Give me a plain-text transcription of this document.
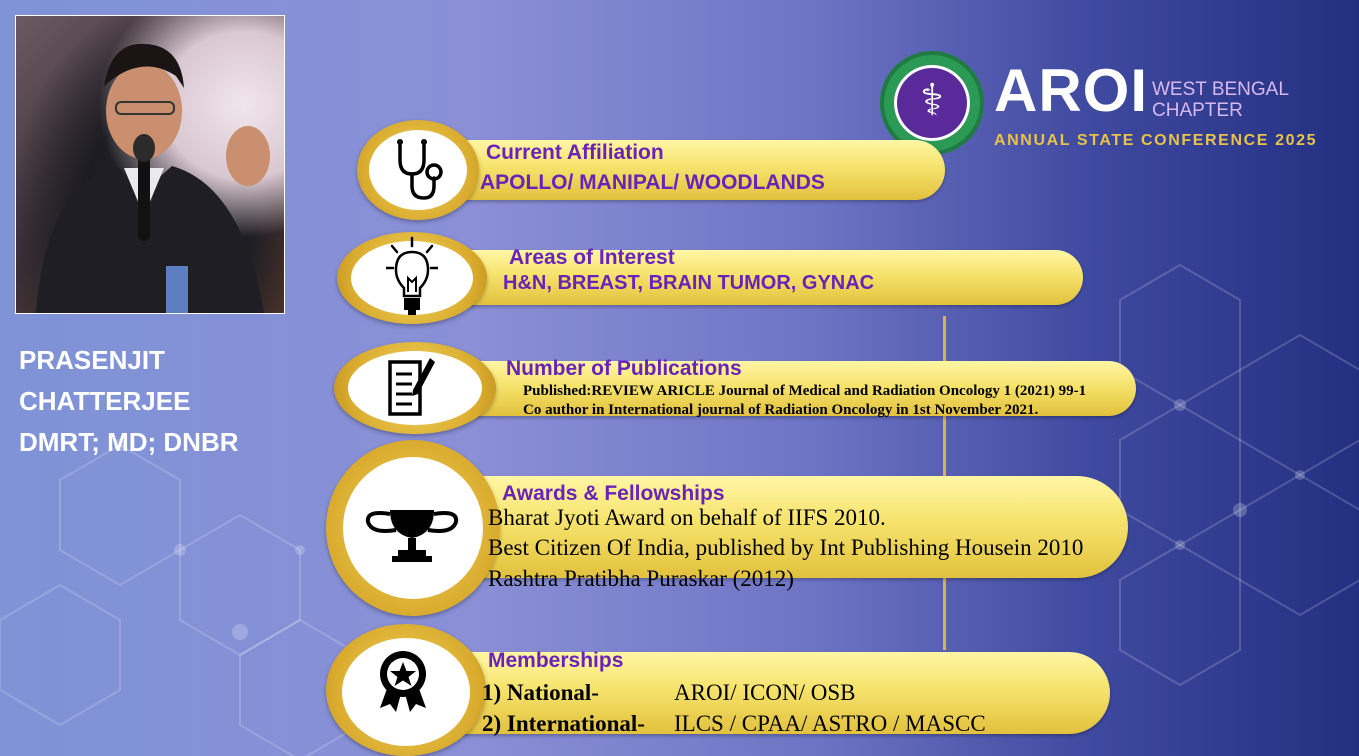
PRASENJIT
CHATTERJEE
DMRT; MD; DNBR
⚕
AROI WEST BENGAL
CHAPTER
ANNUAL STATE CONFERENCE 2025
Current Affiliation
APOLLO/ MANIPAL/ WOODLANDS
Areas of Interest
H&N, BREAST, BRAIN TUMOR, GYNAC
Number of Publications
Published:REVIEW ARICLE Journal of Medical and Radiation Oncology 1 (2021) 99-1
Co author in International journal of Radiation Oncology in 1st November 2021.
Awards & Fellowships
Bharat Jyoti Award on behalf of IIFS 2010.
Best Citizen Of India, published by Int Publishing Housein 2010
Rashtra Pratibha Puraskar (2012)
Memberships
1) National-	AROI/ ICON/ OSB
2) International- ILCS / CPAA/ ASTRO / MASCC
